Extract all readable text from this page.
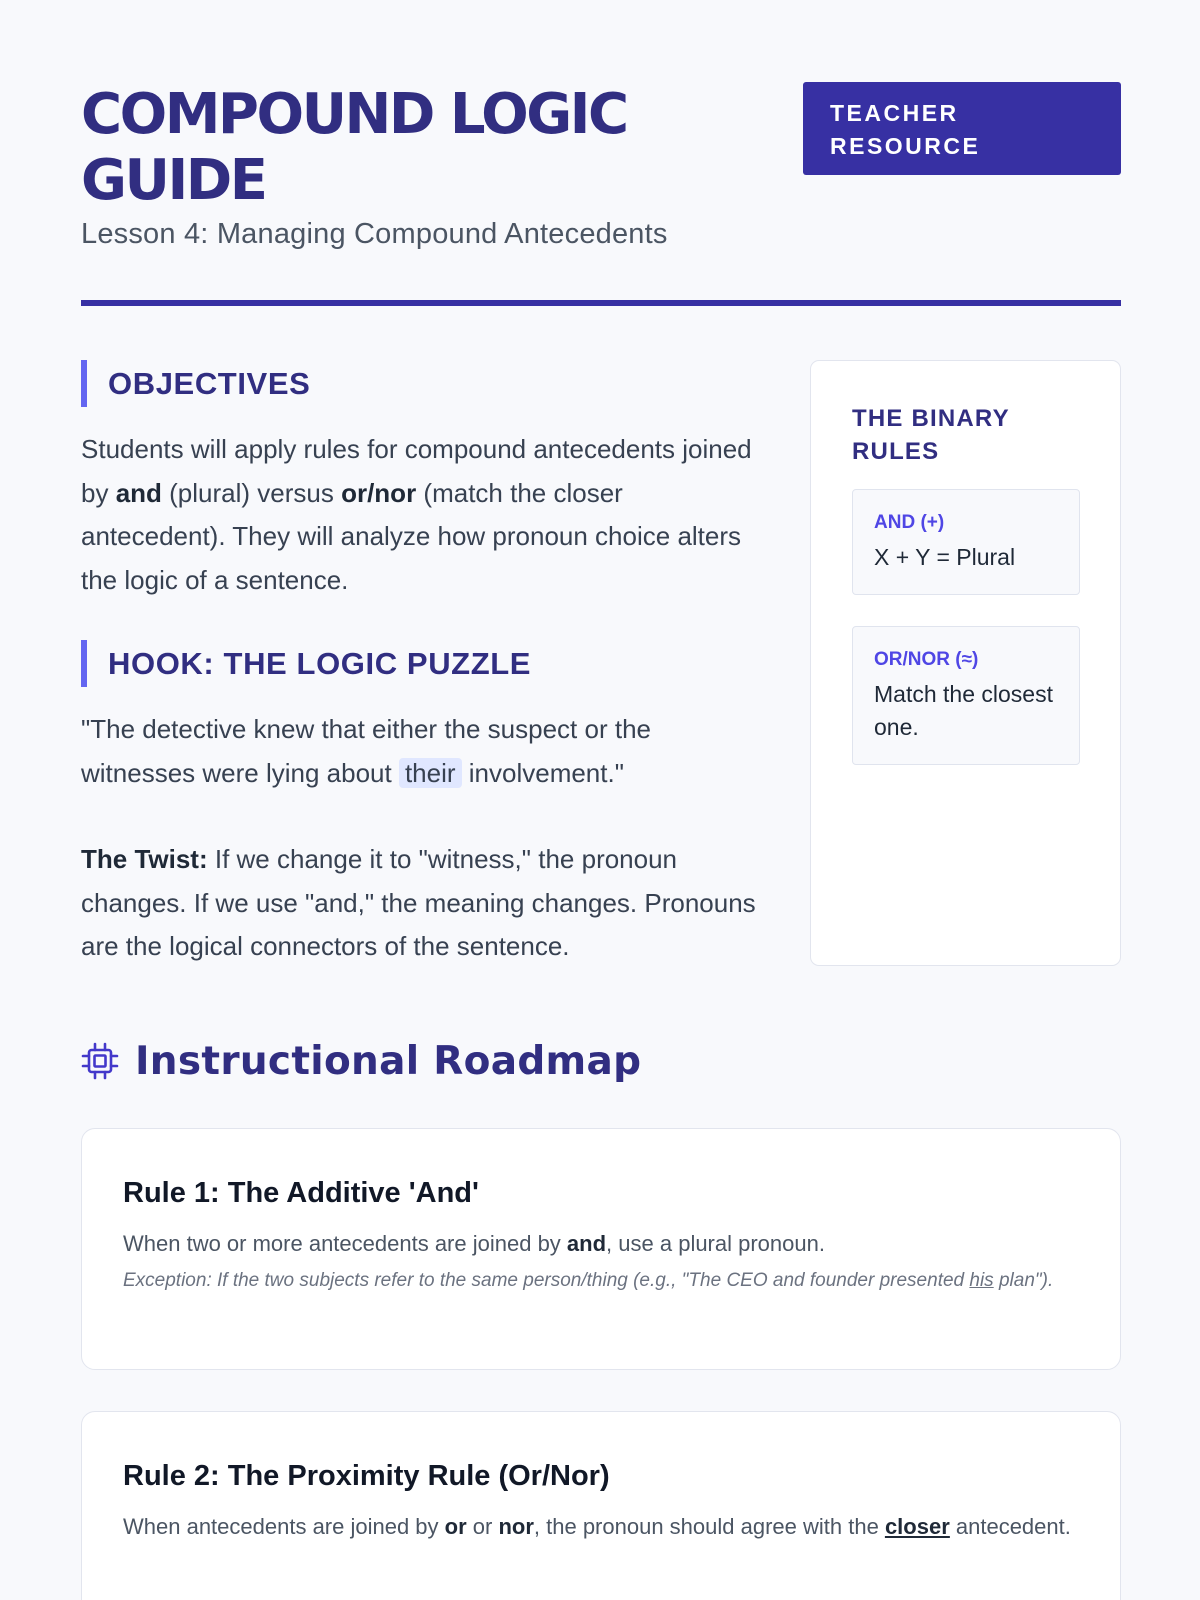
COMPOUND LOGIC GUIDE
Lesson 4: Managing Compound Antecedents
TEACHER RESOURCE
OBJECTIVES

Students will apply rules for compound antecedents joined by and (plural) versus or/nor (match the closer antecedent). They will analyze how pronoun choice alters the logic of a sentence.

HOOK: THE LOGIC PUZZLE

"The detective knew that either the suspect or the witnesses were lying about their involvement."

The Twist: If we change it to "witness," the pronoun changes. If we use "and," the meaning changes. Pronouns are the logical connectors of the sentence.

THE BINARY RULES
AND (+)
X + Y = Plural
OR/NOR (≈)
Match the closest one.
Instructional Roadmap
Rule 1: The Additive 'And'

When two or more antecedents are joined by and, use a plural pronoun.

Exception: If the two subjects refer to the same person/thing (e.g., "The CEO and founder presented his plan").

Rule 2: The Proximity Rule (Or/Nor)

When antecedents are joined by or or nor, the pronoun should agree with the closer antecedent.
